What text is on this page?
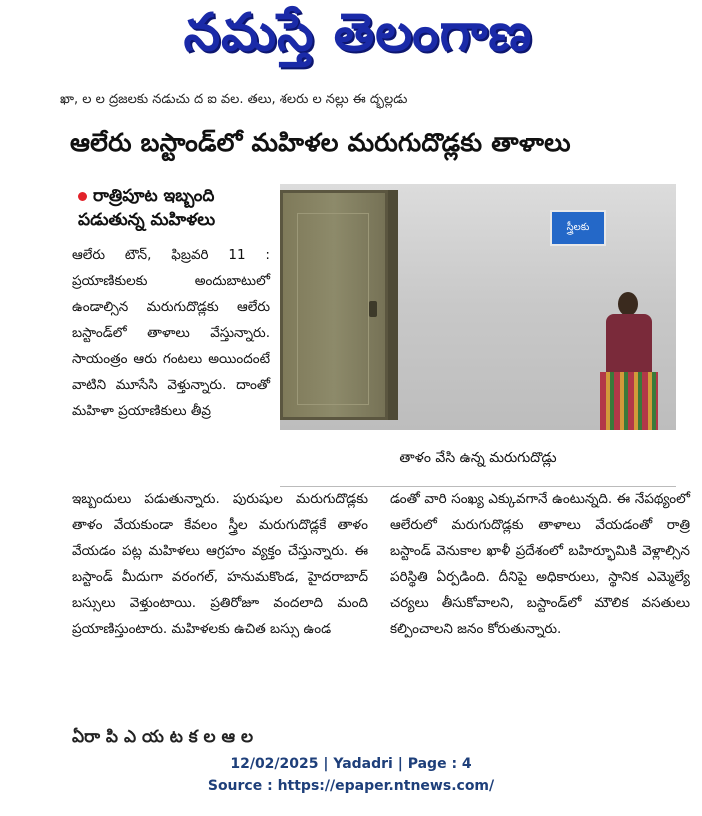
నమస్తే తెలంగాణ
ఖా, ల ల ద్రజలకు నడుచు ద ఐ వల. తలు, శలరు ల నల్లు ఈ ద్భల్లడు
ఆలేరు బస్టాండ్‌లో మహిళల మరుగుదొడ్లకు తాళాలు
రాత్రిపూట ఇబ్బంది పడుతున్న మహిళలు
ఆలేరు టౌన్‌, ఫిబ్రవరి 11 : ప్రయాణికులకు అందుబాటులో ఉండాల్సిన మరుగుదొడ్లకు ఆలేరు బస్టాండ్‌లో తాళాలు వేస్తున్నారు. సాయంత్రం ఆరు గంటలు అయిందంటే వాటిని మూసేసి వెళ్తున్నారు. దాంతో మహిళా ప్రయాణికులు తీవ్ర
స్త్రీలకు
తాళం వేసి ఉన్న మరుగుదొడ్లు
ఇబ్బందులు పడుతున్నారు. పురుషుల మరుగుదొడ్లకు తాళం వేయకుండా కేవలం స్త్రీల మరుగుదొడ్లకే తాళం వేయడం పట్ల మహిళలు ఆగ్రహం వ్యక్తం చేస్తున్నారు. ఈ బస్టాండ్‌ మీదుగా వరంగల్‌, హనుమకొండ, హైదరాబాద్‌ బస్సులు వెళ్తుంటాయి. ప్రతిరోజూ వందలాది మంది ప్రయాణిస్తుంటారు. మహిళలకు ఉచిత బస్సు ఉండ
డంతో వారి సంఖ్య ఎక్కువగానే ఉంటున్నది. ఈ నేపథ్యంలో ఆలేరులో మరుగుదొడ్లకు తాళాలు వేయడంతో రాత్రి బస్టాండ్‌ వెనుకాల ఖాళీ ప్రదేశంలో బహిర్భూమికి వెళ్లాల్సిన పరిస్థితి ఏర్పడింది. దీనిపై అధికారులు, స్థానిక ఎమ్మెల్యే చర్యలు తీసుకోవాలని, బస్టాండ్‌లో మౌలిక వసతులు కల్పించాలని జనం కోరుతున్నారు.
ఏరా పి ఎ య ట క ల ఆ ల
12/02/2025 | Yadadri | Page : 4
Source : https://epaper.ntnews.com/
